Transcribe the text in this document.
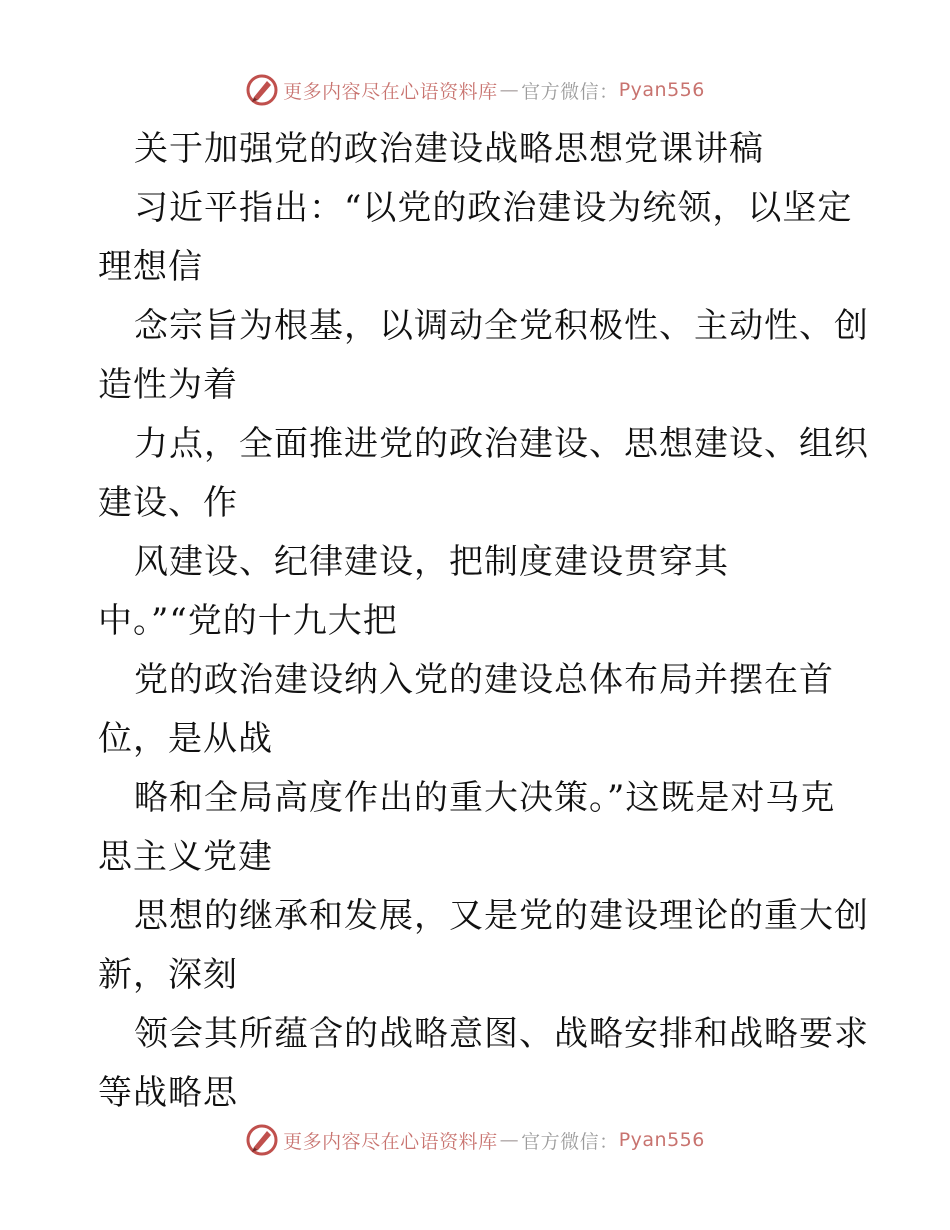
更多内容尽在心语资料库 — 官方微信： Pyan556
关于加强党的政治建设战略思想党课讲稿
习近平指出：“以党的政治建设为统领，以坚定
理想信
念宗旨为根基，以调动全党积极性、主动性、创
造性为着
力点，全面推进党的政治建设、思想建设、组织
建设、作
风建设、纪律建设，把制度建设贯穿其
中。”“党的十九大把
党的政治建设纳入党的建设总体布局并摆在首
位，是从战
略和全局高度作出的重大决策。”这既是对马克
思主义党建
思想的继承和发展，又是党的建设理论的重大创
新，深刻
领会其所蕴含的战略意图、战略安排和战略要求
等战略思
更多内容尽在心语资料库 — 官方微信： Pyan556
